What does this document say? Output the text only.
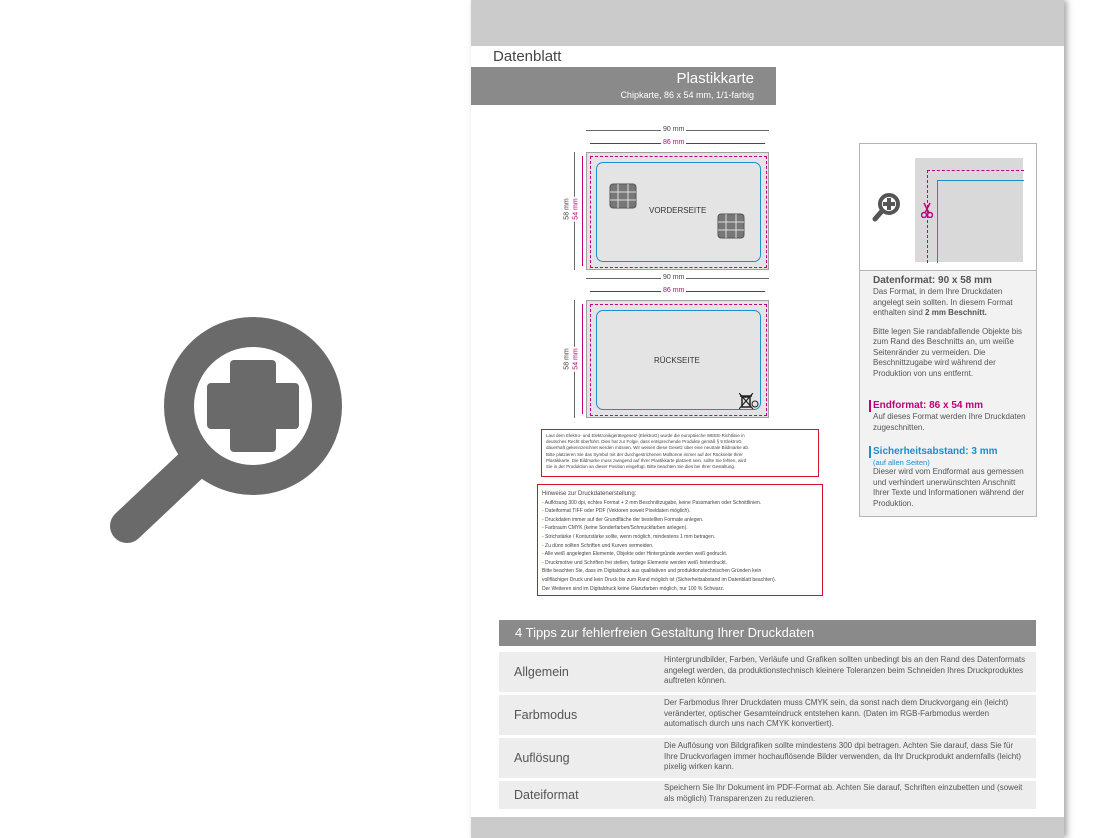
Datenblatt
Plastikkarte
Chipkarte, 86 x 54 mm, 1/1-farbig
90 mm
86 mm
58 mm 54 mm	VORDERSEITE
90 mm
86 mm
58 mm 54 mm	RÜCKSEITE
Laut dem Elektro- und Elektronikgerätegesetz (ElektroG) wurde die europäische WEEE-Richtlinie in
deutsches Recht überführt. Dies hat zur Folge, dass entsprechende Produkte gemäß § 9 ElektroG
dauerhaft gekennzeichnet werden müssen. Wir weisen diese Gesetz über eine neutrale Bildmarke ab.
Bitte platzieren Sie das Symbol mit der durchgestrichenen Mülltonne immer auf der Rückseite Ihrer
Plastikkarte. Die Bildmarke muss zwingend auf Ihrer Plastikkarte platziert sein, sollte Sie fehlen, wird
Sie in der Produktion an dieser Position eingefügt. Bitte beachten Sie dies bei Ihrer Gestaltung.
Hinweise zur Druckdatenerstellung:
- Auflösung 300 dpi, echtes Format + 2 mm Beschnittzugabe, keine Passmarken oder Schnittlinien.
- Dateiformat TIFF oder PDF (Vektoren soweit Pixeldaten möglich).
- Druckdaten immer auf der Grundfläche der bestellten Formate anlegen.
- Farbraum CMYK (keine Sonderfarben/Schmuckfarben anlegen).
- Strichstärke / Konturstärke sollte, wenn möglich, mindestens 1 mm betragen.
- Zu dünn sollten Schriften und Kurven vermeiden.
- Alle weiß angelegten Elemente, Objekte oder Hintergründe werden weiß gedruckt.
- Druckmotive und Schriften frei stellen, farbige Elemente werden weiß hinterdruckt.
Bitte beachten Sie, dass im Digitaldruck aus qualitativen und produktionstechnischen Gründen kein
vollflächiger Druck und kein Druck bis zum Rand möglich ist (Sicherheitsabstand im Datenblatt beachten).
Der Weiteren sind im Digitaldruck keine Glanzfarben möglich, nur 100 % Schwarz.
Datenformat: 90 x 58 mm
Das Format, in dem Ihre Druckdaten angelegt sein sollten. In diesem Format enthalten sind 2 mm Beschnitt.
Bitte legen Sie randabfallende Objekte bis zum Rand des Beschnitts an, um weiße Seitenränder zu vermeiden. Die Beschnittzugabe wird während der Produktion von uns entfernt.
Endformat: 86 x 54 mm
Auf dieses Format werden Ihre Druckdaten zugeschnitten.
Sicherheitsabstand: 3 mm
(auf allen Seiten)
Dieser wird vom Endformat aus gemessen und verhindert unerwünschten Anschnitt Ihrer Texte und Informationen während der Produktion.
4 Tipps zur fehlerfreien Gestaltung Ihrer Druckdaten
Allgemein
Hintergrundbilder, Farben, Verläufe und Grafiken sollten unbedingt bis an den Rand des Datenformats angelegt werden, da produktionstechnisch kleinere Toleranzen beim Schneiden Ihres Druckproduktes auftreten können.
Farbmodus
Der Farbmodus Ihrer Druckdaten muss CMYK sein, da sonst nach dem Druckvorgang ein (leicht) veränderter, optischer Gesamteindruck entstehen kann. (Daten im RGB-Farbmodus werden automatisch durch uns nach CMYK konvertiert).
Auflösung
Die Auflösung von Bildgrafiken sollte mindestens 300 dpi betragen. Achten Sie darauf, dass Sie für Ihre Druckvorlagen immer hochauflösende Bilder verwenden, da Ihr Druckprodukt andernfalls (leicht) pixelig wirken kann.
Dateiformat
Speichern Sie Ihr Dokument im PDF-Format ab. Achten Sie darauf, Schriften einzubetten und (soweit als möglich) Transparenzen zu reduzieren.
